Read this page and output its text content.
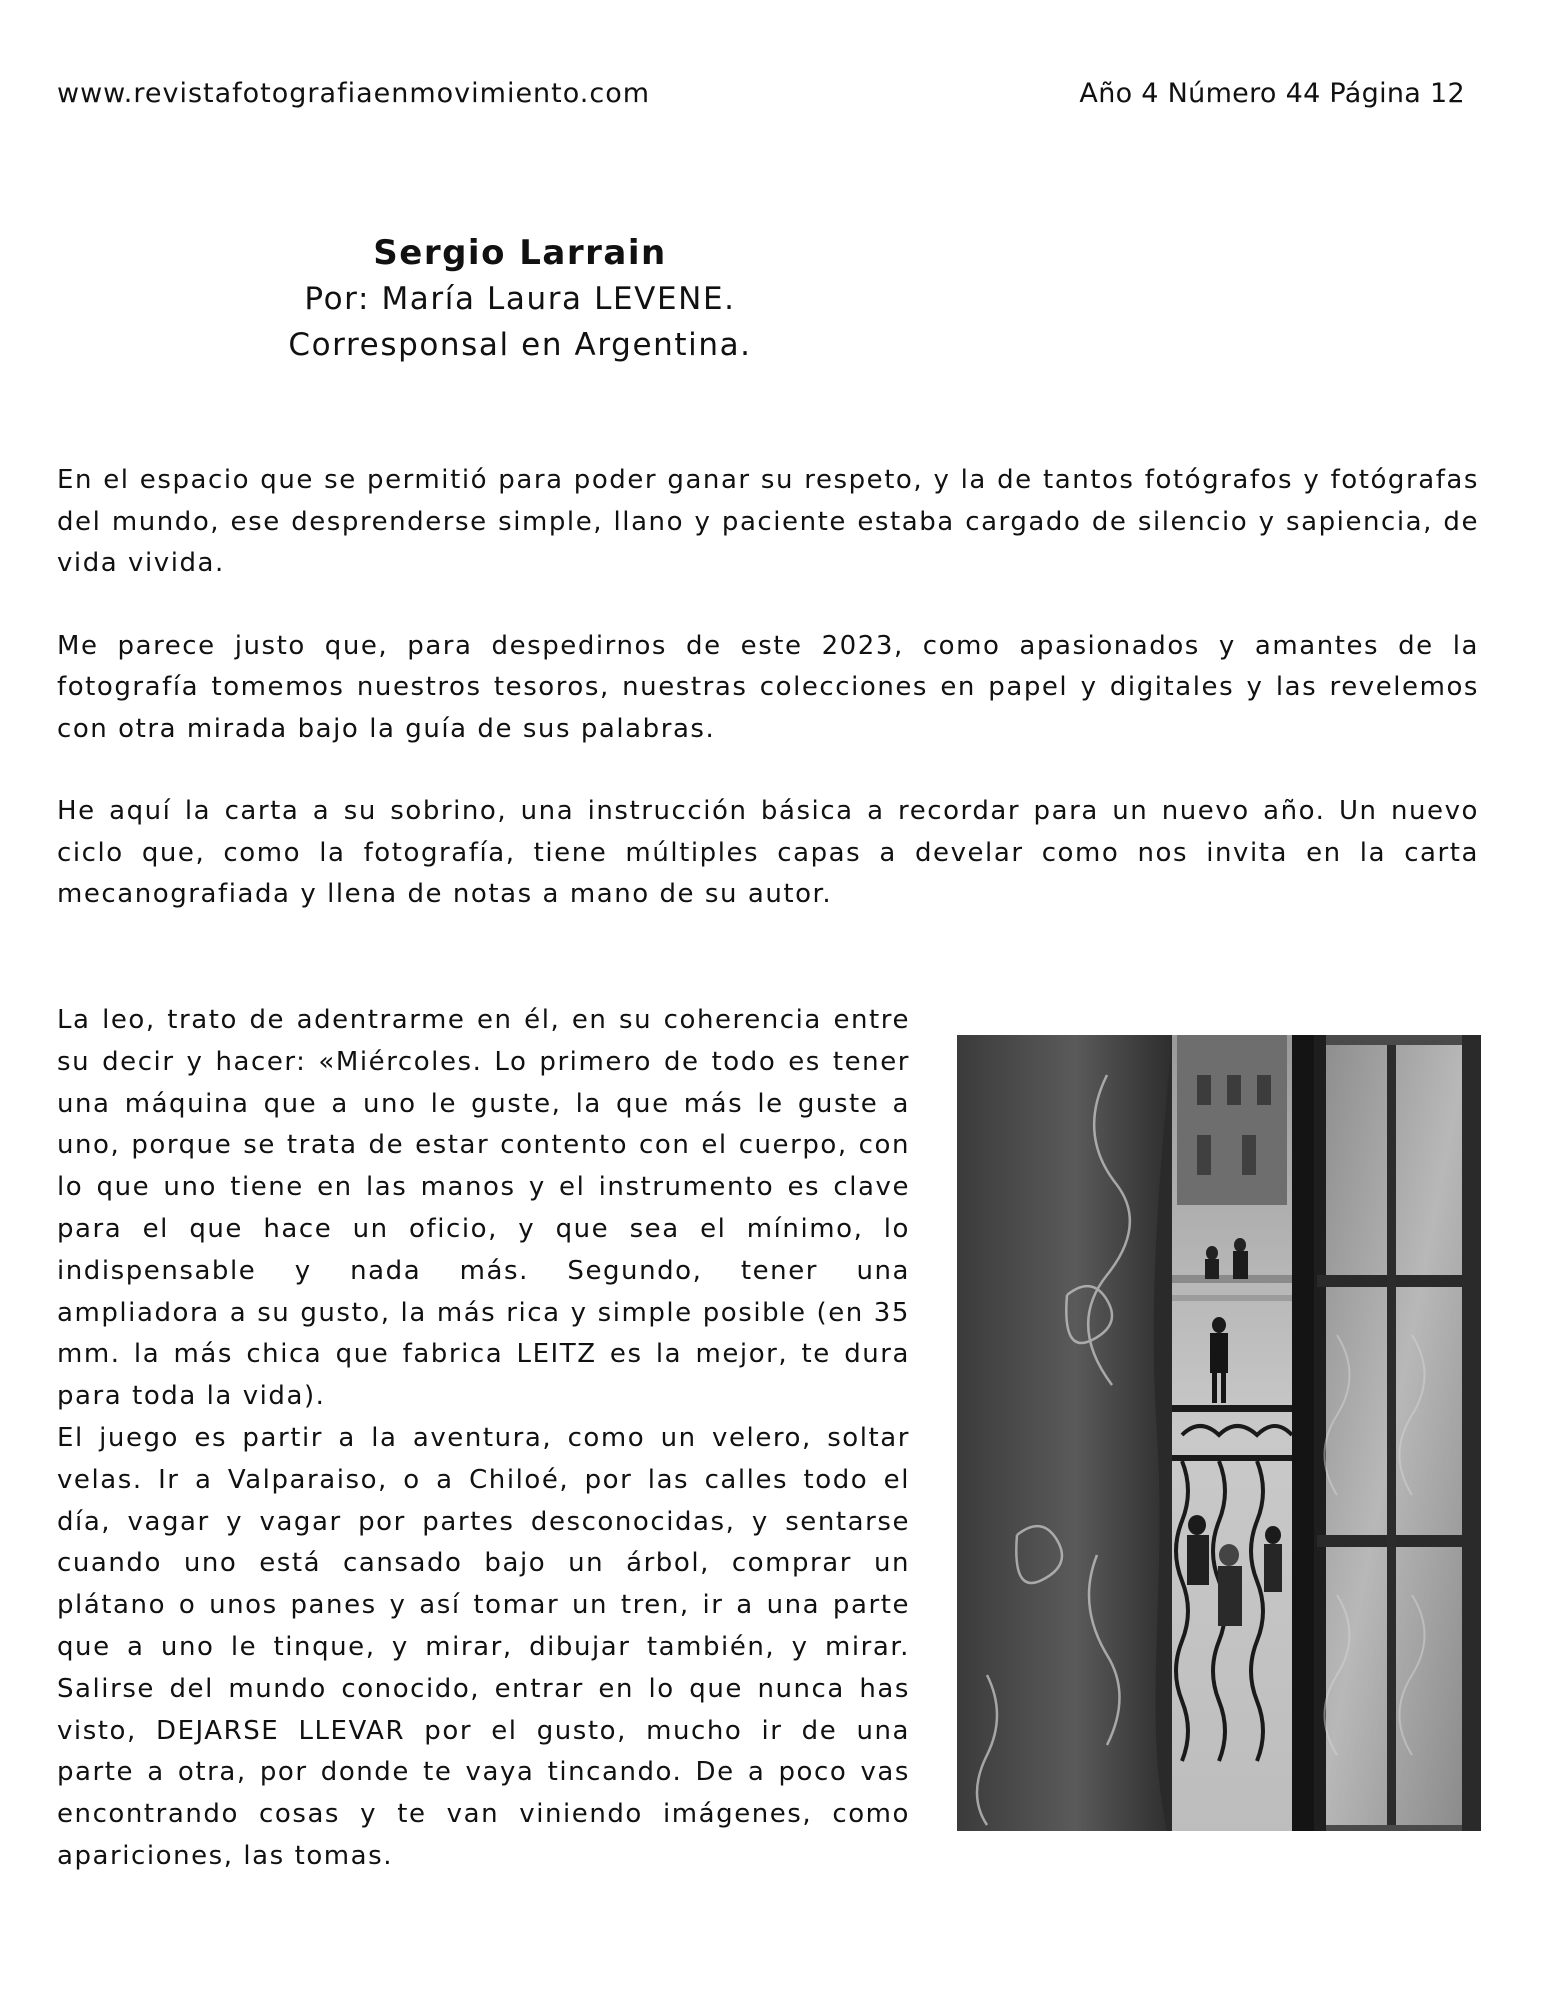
www.revistafotografiaenmovimiento.com	Año 4 Número 44 Página 12
Sergio Larrain
Por: María Laura LEVENE.
Corresponsal en Argentina.

En el espacio que se permitió para poder ganar su respeto, y la de tantos fotógrafos y fotógrafas del mundo, ese desprenderse simple, llano y paciente estaba cargado de silencio y sapiencia, de vida vivida.

Me parece justo que, para despedirnos de este 2023, como apasionados y amantes de la fotografía tomemos nuestros tesoros, nuestras colecciones en papel y digitales y las revelemos con otra mirada bajo la guía de sus palabras.

He aquí la carta a su sobrino, una instrucción básica a recordar para un nuevo año. Un nuevo ciclo que, como la fotografía, tiene múltiples capas a develar como nos invita en la carta mecanografiada y llena de notas a mano de su autor.

La leo, trato de adentrarme en él, en su coherencia entre su decir y hacer: «Miércoles. Lo primero de todo es tener una máquina que a uno le guste, la que más le guste a uno, porque se trata de estar contento con el cuerpo, con lo que uno tiene en las manos y el instrumento es clave para el que hace un oficio, y que sea el mínimo, lo indispensable y nada más. Segundo, tener una ampliadora a su gusto, la más rica y simple posible (en 35 mm. la más chica que fabrica LEITZ es la mejor, te dura para toda la vida).

El juego es partir a la aventura, como un velero, soltar velas. Ir a Valparaiso, o a Chiloé, por las calles todo el día, vagar y vagar por partes desconocidas, y sentarse cuando uno está cansado bajo un árbol, comprar un plátano o unos panes y así tomar un tren, ir a una parte que a uno le tinque, y mirar, dibujar también, y mirar. Salirse del mundo conocido, entrar en lo que nunca has visto, DEJARSE LLEVAR por el gusto, mucho ir de una parte a otra, por donde te vaya tincando. De a poco vas encontrando cosas y te van viniendo imágenes, como apariciones, las tomas.
